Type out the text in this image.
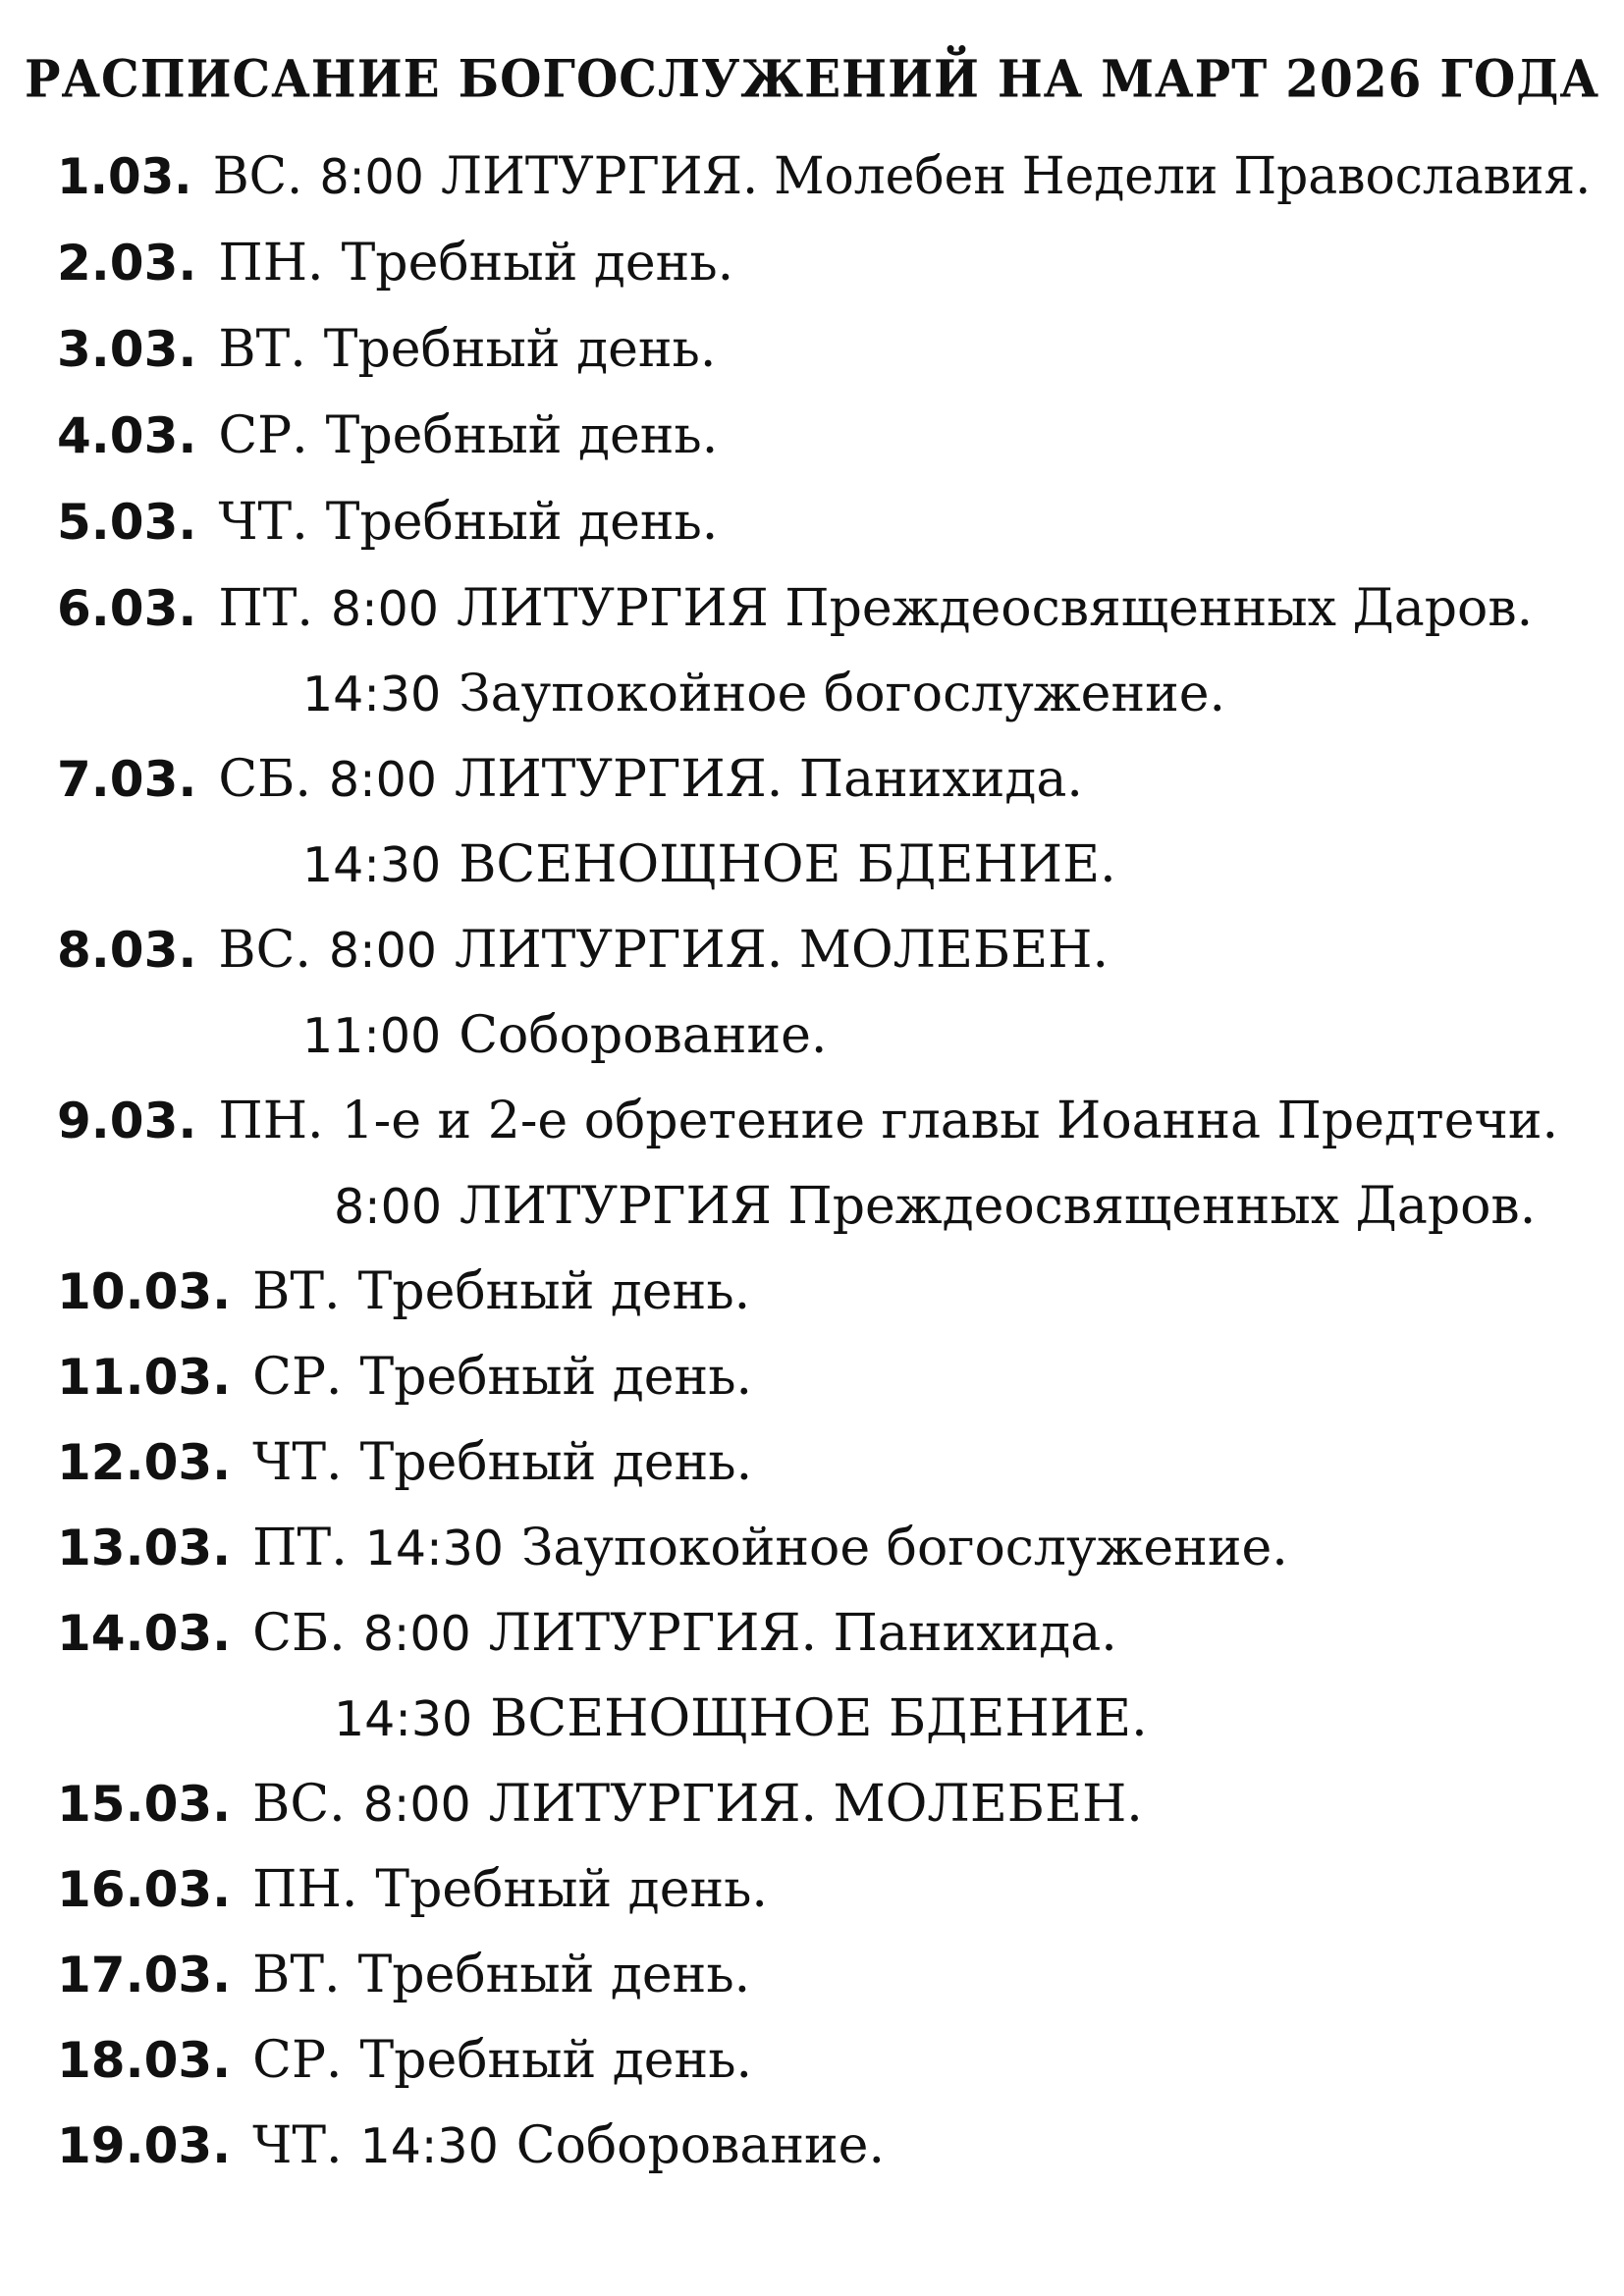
РАСПИСАНИЕ БОГОСЛУЖЕНИЙ НА МАРТ 2026 ГОДА
1.03. ВС. 8:00 ЛИТУРГИЯ. Молебен Недели Православия.
2.03. ПН. Требный день.
3.03. ВТ. Требный день.
4.03. СР. Требный день.
5.03. ЧТ. Требный день.
6.03. ПТ. 8:00 ЛИТУРГИЯ Преждеосвященных Даров.
14:30 Заупокойное богослужение.
7.03. СБ. 8:00 ЛИТУРГИЯ. Панихида.
14:30 ВСЕНОЩНОЕ БДЕНИЕ.
8.03. ВС. 8:00 ЛИТУРГИЯ. МОЛЕБЕН.
11:00 Соборование.
9.03. ПН. 1-е и 2-е обретение главы Иоанна Предтечи.
8:00 ЛИТУРГИЯ Преждеосвященных Даров.
10.03. ВТ. Требный день.
11.03. СР. Требный день.
12.03. ЧТ. Требный день.
13.03. ПТ. 14:30 Заупокойное богослужение.
14.03. СБ. 8:00 ЛИТУРГИЯ. Панихида.
14:30 ВСЕНОЩНОЕ БДЕНИЕ.
15.03. ВС. 8:00 ЛИТУРГИЯ. МОЛЕБЕН.
16.03. ПН. Требный день.
17.03. ВТ. Требный день.
18.03. СР. Требный день.
19.03. ЧТ. 14:30 Соборование.
